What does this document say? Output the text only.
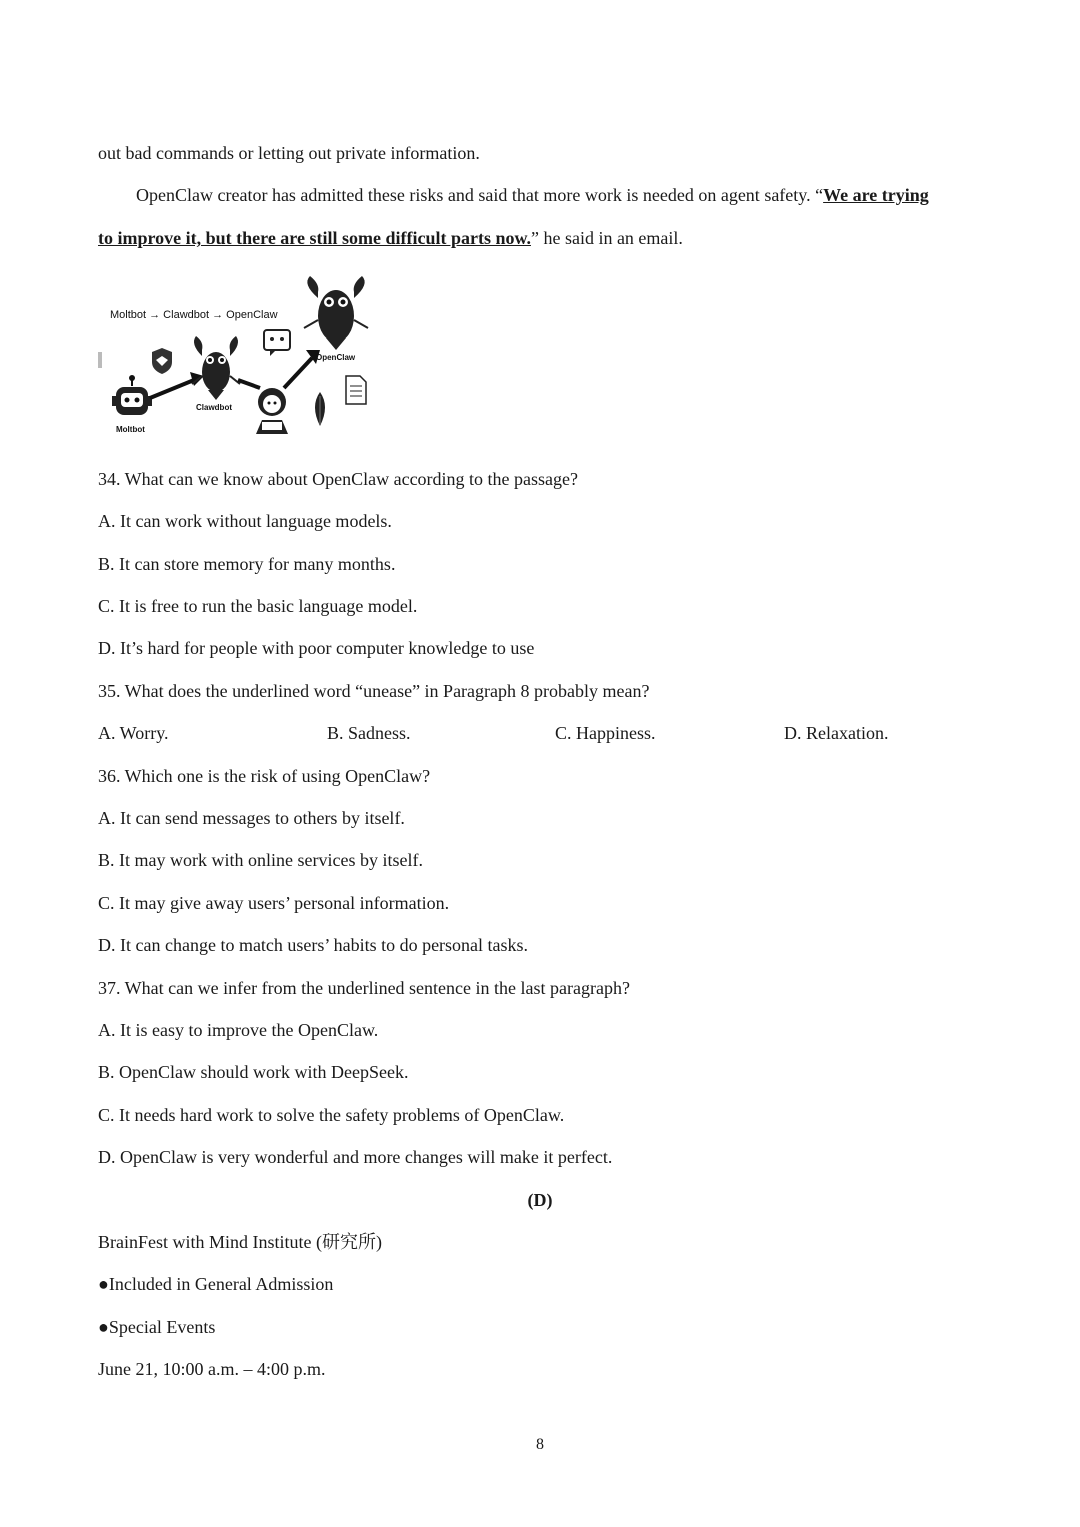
out bad commands or letting out private information.
OpenClaw creator has admitted these risks and said that more work is needed on agent safety. “We are trying
to improve it, but there are still some difficult parts now.” he said in an email.
Moltbot → Clawdbot → OpenClaw
Moltbot
Clawdbot
OpenClaw
34. What can we know about OpenClaw according to the passage?
A. It can work without language models.
B. It can store memory for many months.
C. It is free to run the basic language model.
D. It’s hard for people with poor computer knowledge to use
35. What does the underlined word “unease” in Paragraph 8 probably mean?
A. Worry.	B. Sadness.	C. Happiness.	D. Relaxation.
36. Which one is the risk of using OpenClaw?
A. It can send messages to others by itself.
B. It may work with online services by itself.
C. It may give away users’ personal information.
D. It can change to match users’ habits to do personal tasks.
37. What can we infer from the underlined sentence in the last paragraph?
A. It is easy to improve the OpenClaw.
B. OpenClaw should work with DeepSeek.
C. It needs hard work to solve the safety problems of OpenClaw.
D. OpenClaw is very wonderful and more changes will make it perfect.
(D)
BrainFest with Mind Institute (研究所)
● Included in General Admission
● Special Events
June 21, 10:00 a.m. – 4:00 p.m.
8
